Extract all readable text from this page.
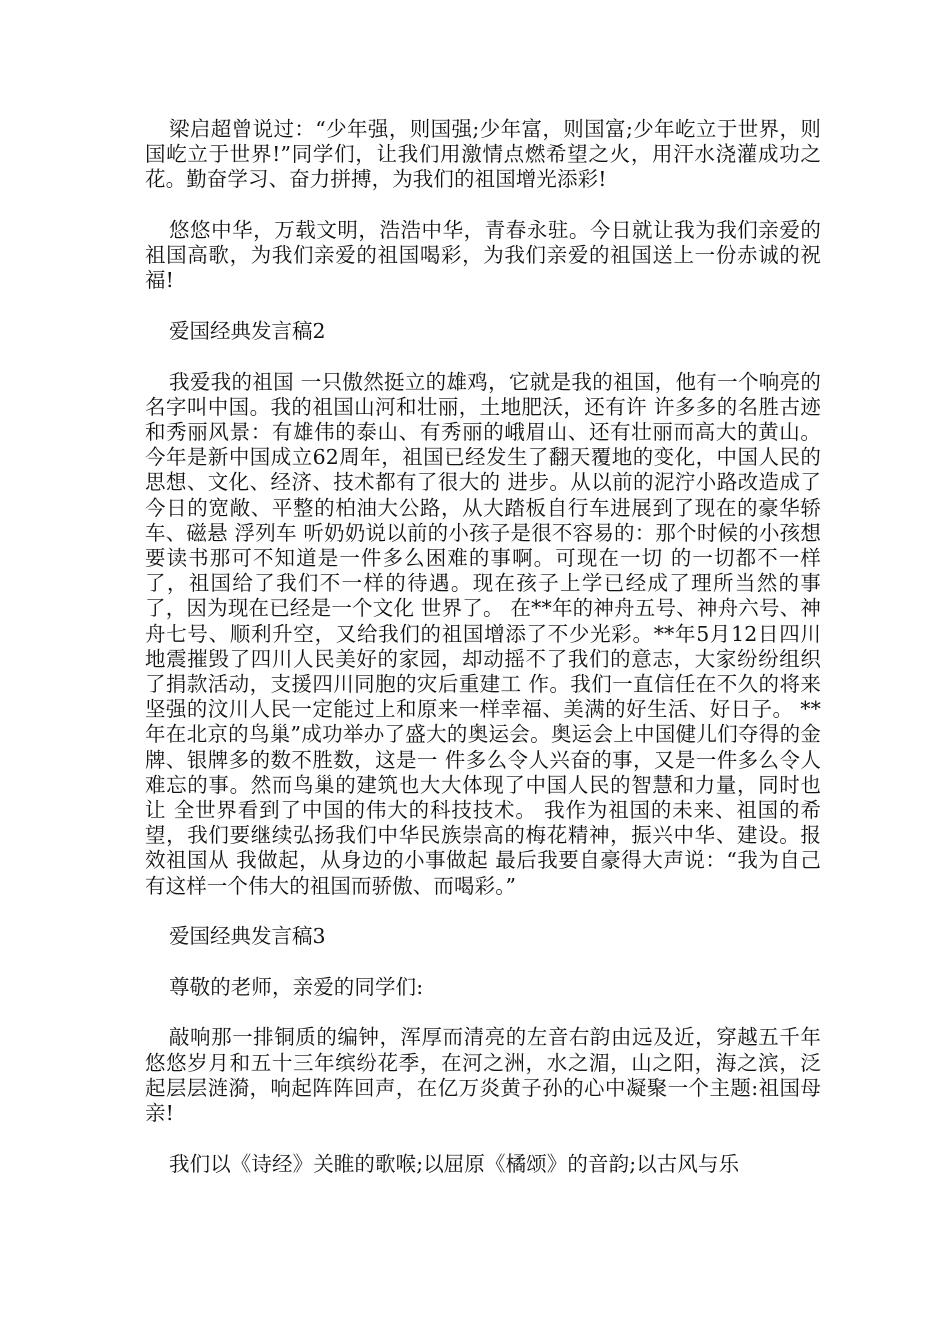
梁启超曾说过：“少年强，则国强;少年富，则国富;少年屹立于世界，则国屹立于世界!”同学们，让我们用激情点燃希望之火，用汗水浇灌成功之花。勤奋学习、奋力拼搏，为我们的祖国增光添彩!

悠悠中华，万载文明，浩浩中华，青春永驻。今日就让我为我们亲爱的祖国高歌，为我们亲爱的祖国喝彩，为我们亲爱的祖国送上一份赤诚的祝福!

爱国经典发言稿2

我爱我的祖国 一只傲然挺立的雄鸡，它就是我的祖国，他有一个响亮的名字叫中国。我的祖国山河和壮丽，土地肥沃，还有许 许多多的名胜古迹和秀丽风景：有雄伟的泰山、有秀丽的峨眉山、还有壮丽而高大的黄山。 今年是新中国成立62周年，祖国已经发生了翻天覆地的变化，中国人民的思想、文化、经济、技术都有了很大的 进步。从以前的泥泞小路改造成了今日的宽敞、平整的柏油大公路，从大踏板自行车进展到了现在的豪华轿车、磁悬 浮列车 听奶奶说以前的小孩子是很不容易的：那个时候的小孩想要读书那可不知道是一件多么困难的事啊。可现在一切 的一切都不一样了，祖国给了我们不一样的待遇。现在孩子上学已经成了理所当然的事了，因为现在已经是一个文化 世界了。 在**年的神舟五号、神舟六号、神舟七号、顺利升空，又给我们的祖国增添了不少光彩。**年5月12日四川 地震摧毁了四川人民美好的家园，却动摇不了我们的意志，大家纷纷组织了捐款活动，支援四川同胞的灾后重建工 作。我们一直信任在不久的将来坚强的汶川人民一定能过上和原来一样幸福、美满的好生活、好日子。 **年在北京的鸟巢”成功举办了盛大的奥运会。奥运会上中国健儿们夺得的金牌、银牌多的数不胜数，这是一 件多么令人兴奋的事，又是一件多么令人难忘的事。然而鸟巢的建筑也大大体现了中国人民的智慧和力量，同时也让 全世界看到了中国的伟大的科技技术。 我作为祖国的未来、祖国的希望，我们要继续弘扬我们中华民族崇高的梅花精神，振兴中华、建设。报效祖国从 我做起，从身边的小事做起 最后我要自豪得大声说：“我为自己有这样一个伟大的祖国而骄傲、而喝彩。”

爱国经典发言稿3

尊敬的老师，亲爱的同学们:

敲响那一排铜质的编钟，浑厚而清亮的左音右韵由远及近，穿越五千年悠悠岁月和五十三年缤纷花季，在河之洲，水之湄，山之阳，海之滨，泛起层层涟漪，响起阵阵回声，在亿万炎黄子孙的心中凝聚一个主题:祖国母亲!

我们以《诗经》关睢的歌喉;以屈原《橘颂》的音韵;以古风与乐
